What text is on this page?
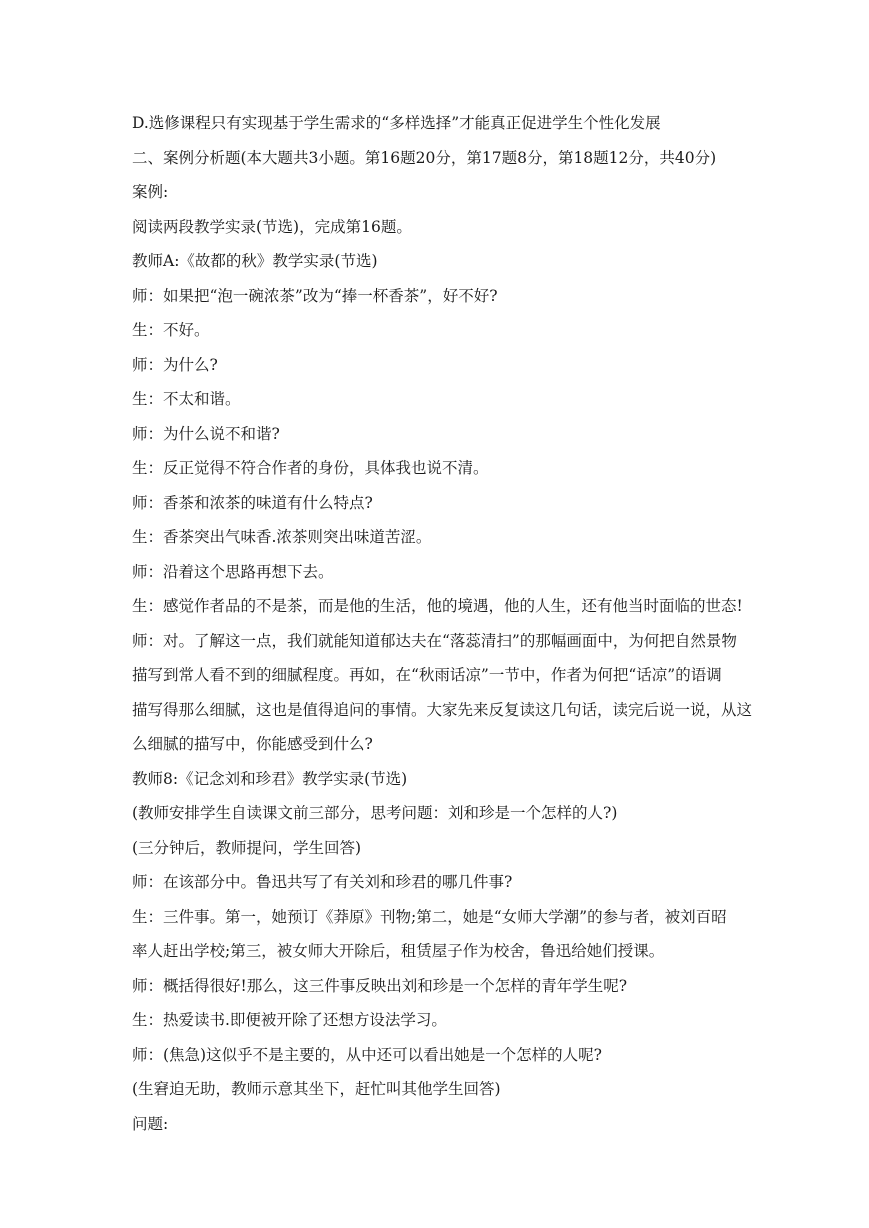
D.选修课程只有实现基于学生需求的“多样选择”才能真正促进学生个性化发展
二、案例分析题(本大题共3小题。第16题20分，第17题8分，第18题12分，共40分)
案例:
阅读两段教学实录(节选)，完成第16题。
教师A:《故都的秋》教学实录(节选)
师：如果把“泡一碗浓茶”改为“捧一杯香茶”，好不好?
生：不好。
师：为什么?
生：不太和谐。
师：为什么说不和谐?
生：反正觉得不符合作者的身份，具体我也说不清。
师：香茶和浓茶的味道有什么特点?
生：香茶突出气味香.浓茶则突出味道苦涩。
师：沿着这个思路再想下去。
生：感觉作者品的不是茶，而是他的生活，他的境遇，他的人生，还有他当时面临的世态!
师：对。了解这一点，我们就能知道郁达夫在“落蕊清扫”的那幅画面中，为何把自然景物
描写到常人看不到的细腻程度。再如，在“秋雨话凉”一节中，作者为何把“话凉”的语调
描写得那么细腻，这也是值得追问的事情。大家先来反复读这几句话，读完后说一说，从这
么细腻的描写中，你能感受到什么?
教师8:《记念刘和珍君》教学实录(节选)
(教师安排学生自读课文前三部分，思考问题：刘和珍是一个怎样的人?)
(三分钟后，教师提问，学生回答)
师：在该部分中。鲁迅共写了有关刘和珍君的哪几件事?
生：三件事。第一，她预订《莽原》刊物;第二，她是“女师大学潮”的参与者，被刘百昭
率人赶出学校;第三，被女师大开除后，租赁屋子作为校舍，鲁迅给她们授课。
师：概括得很好!那么，这三件事反映出刘和珍是一个怎样的青年学生呢?
生：热爱读书.即便被开除了还想方设法学习。
师：(焦急)这似乎不是主要的，从中还可以看出她是一个怎样的人呢?
(生窘迫无助，教师示意其坐下，赶忙叫其他学生回答)
问题:
